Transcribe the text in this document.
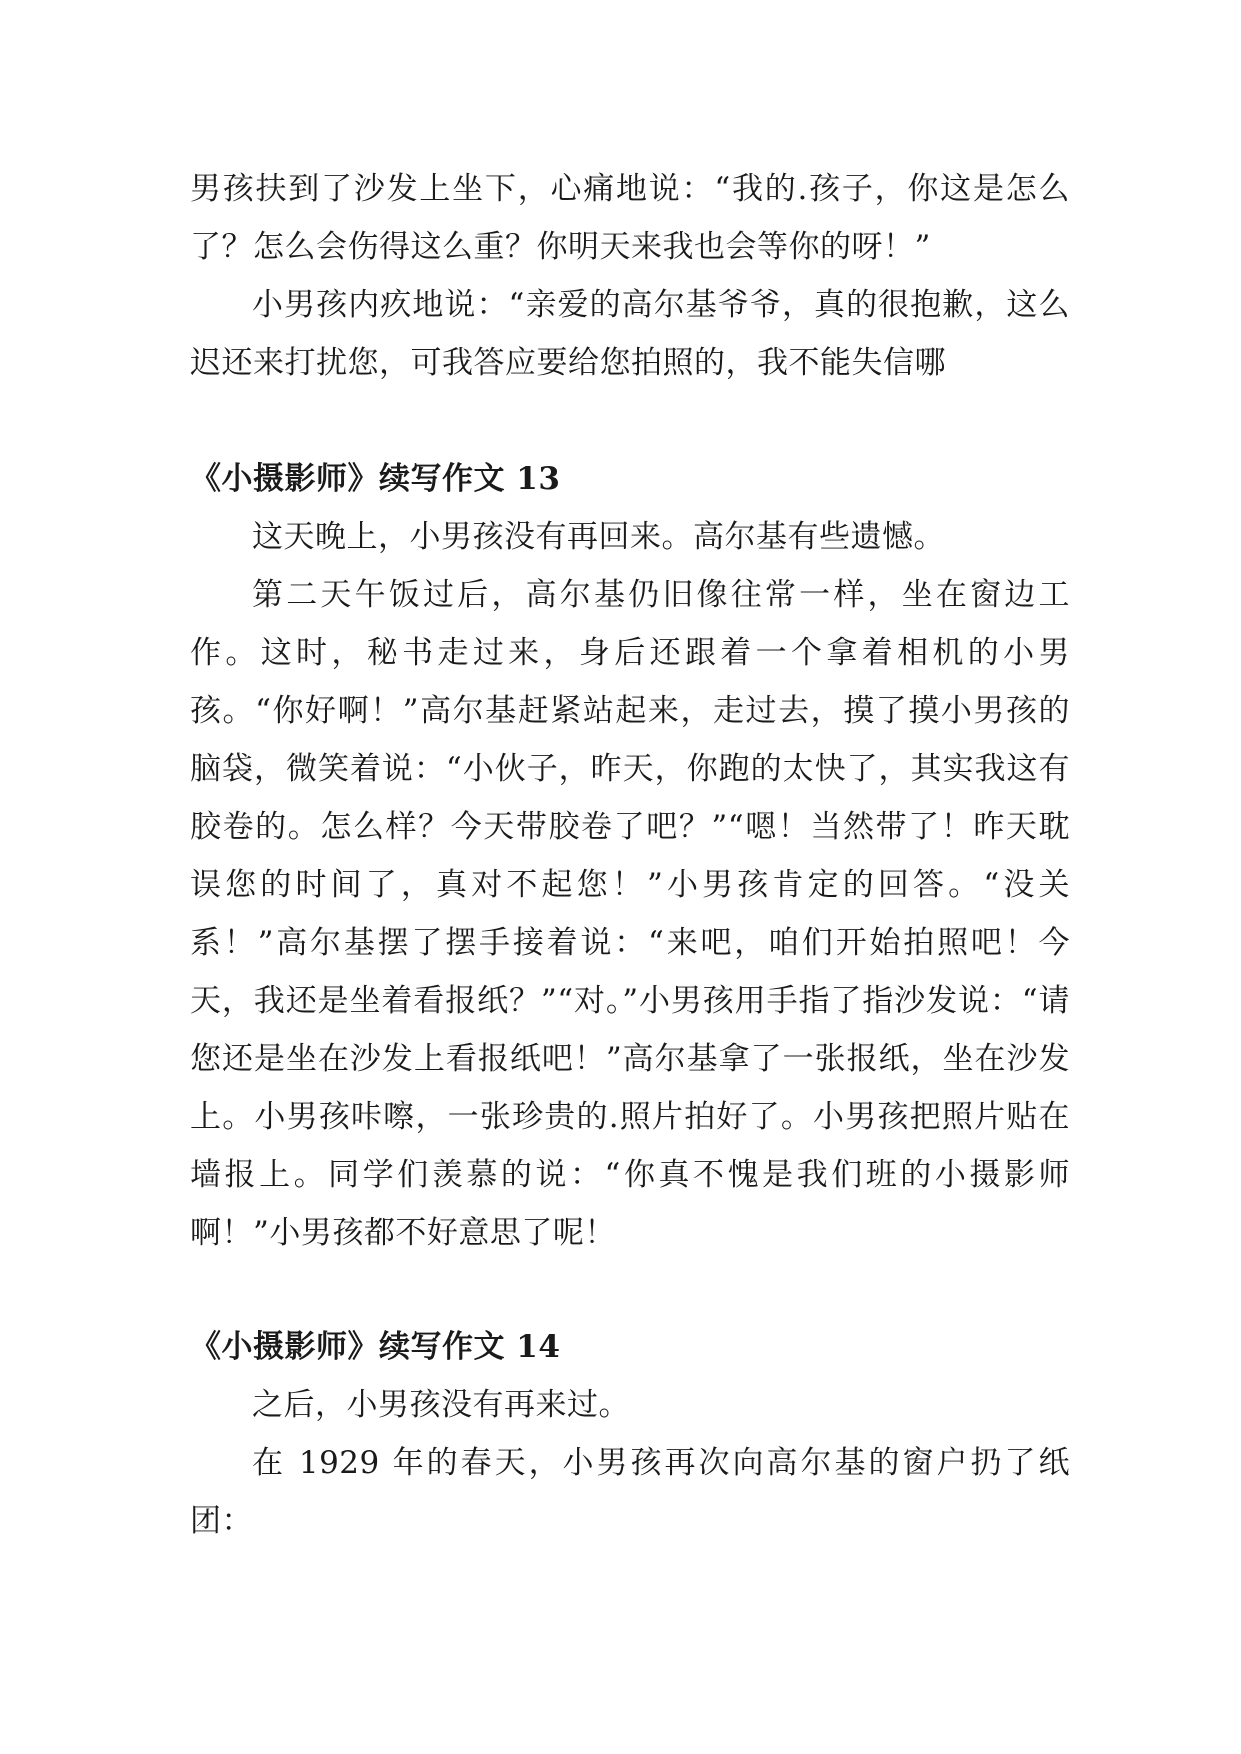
男孩扶到了沙发上坐下，心痛地说：“我的.孩子，你这是怎么了？怎么会伤得这么重？你明天来我也会等你的呀！”

小男孩内疚地说：“亲爱的高尔基爷爷，真的很抱歉，这么迟还来打扰您，可我答应要给您拍照的，我不能失信哪

《小摄影师》续写作文 13

这天晚上，小男孩没有再回来。高尔基有些遗憾。

第二天午饭过后，高尔基仍旧像往常一样，坐在窗边工作。这时，秘书走过来，身后还跟着一个拿着相机的小男孩。“你好啊！”高尔基赶紧站起来，走过去，摸了摸小男孩的脑袋，微笑着说：“小伙子，昨天，你跑的太快了，其实我这有胶卷的。怎么样？今天带胶卷了吧？”“嗯！当然带了！昨天耽误您的时间了，真对不起您！”小男孩肯定的回答。“没关系！”高尔基摆了摆手接着说：“来吧，咱们开始拍照吧！今天，我还是坐着看报纸？”“对。”小男孩用手指了指沙发说：“请您还是坐在沙发上看报纸吧！”高尔基拿了一张报纸，坐在沙发上。小男孩咔嚓，一张珍贵的.照片拍好了。小男孩把照片贴在墙报上。同学们羡慕的说：“你真不愧是我们班的小摄影师啊！”小男孩都不好意思了呢！

《小摄影师》续写作文 14

之后，小男孩没有再来过。

在 1929 年的春天，小男孩再次向高尔基的窗户扔了纸团：
